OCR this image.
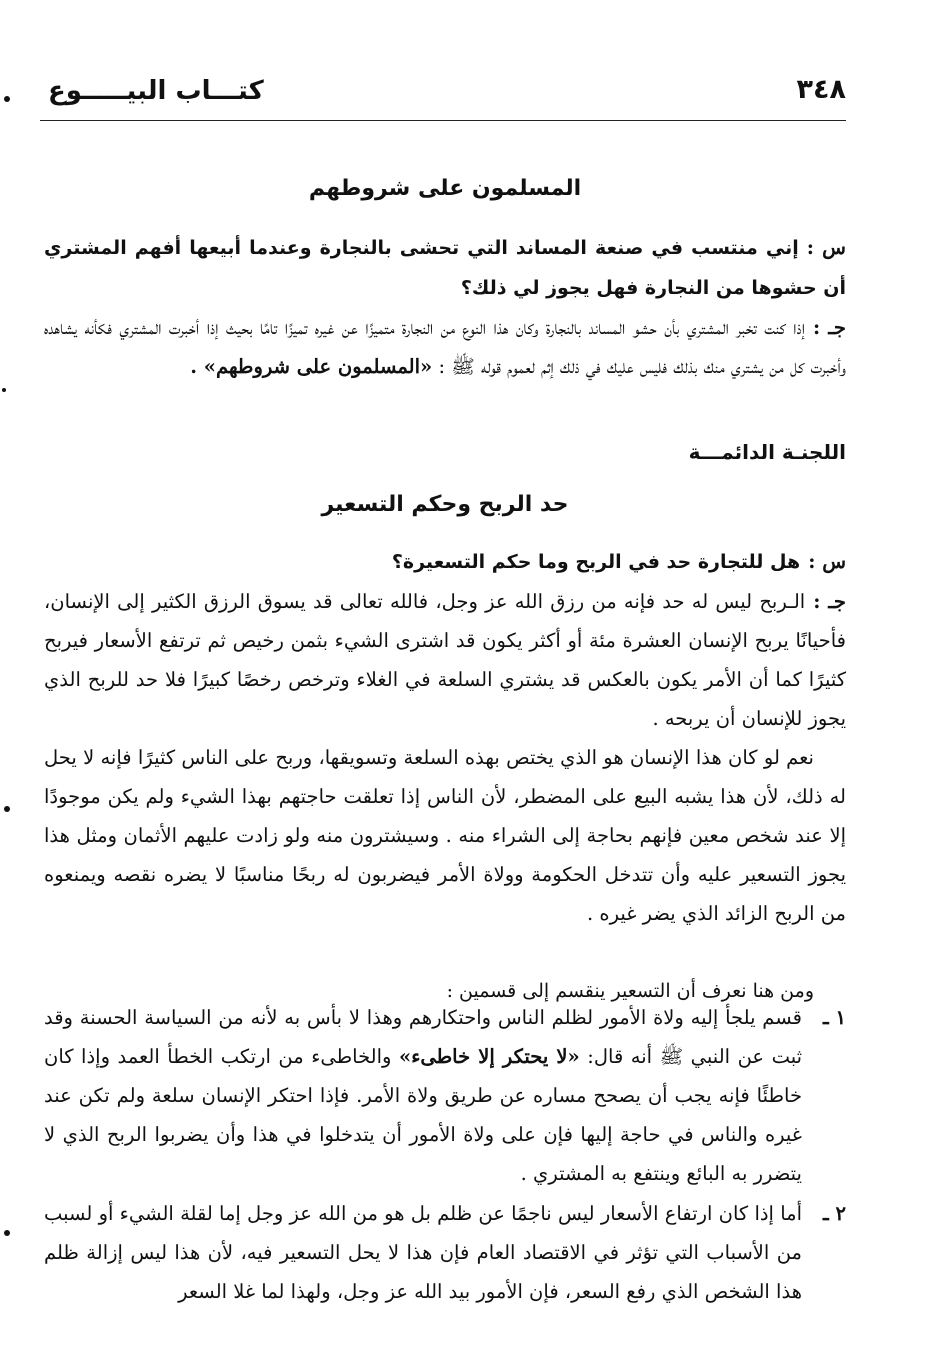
٣٤٨
كتـــاب البيـــــوع
المسلمون على شروطهم
س :إني منتسب في صنعة المساند التي تحشى بالنجارة وعندما أبيعها أفهم المشتري أن حشوها من النجارة فهل يجوز لي ذلك؟
جـ :إذا كنت تخبر المشتري بأن حشو المساند بالنجارة وكان هذا النوع من النجارة متميزًا عن غيره تميزًا تامًا بحيث إذا أخبرت المشتري فكأنه يشاهده وأخبرت كل من يشتري منك بذلك فليس عليك في ذلك إثم لعموم قوله ﷺ : «المسلمون على شروطهم» .
اللجنـة الدائمـــة
حد الربح وحكم التسعير
س :هل للتجارة حد في الربح وما حكم التسعيرة؟
جـ :الـربح ليس له حد فإنه من رزق الله عز وجل، فالله تعالى قد يسوق الرزق الكثير إلى الإنسان، فأحيانًا يربح الإنسان العشرة مئة أو أكثر يكون قد اشترى الشيء بثمن رخيص ثم ترتفع الأسعار فيربح كثيرًا كما أن الأمر يكون بالعكس قد يشتري السلعة في الغلاء وترخص رخصًا كبيرًا فلا حد للربح الذي يجوز للإنسان أن يربحه .
نعم لو كان هذا الإنسان هو الذي يختص بهذه السلعة وتسويقها، وربح على الناس كثيرًا فإنه لا يحل له ذلك، لأن هذا يشبه البيع على المضطر، لأن الناس إذا تعلقت حاجتهم بهذا الشيء ولم يكن موجودًا إلا عند شخص معين فإنهم بحاجة إلى الشراء منه . وسيشترون منه ولو زادت عليهم الأثمان ومثل هذا يجوز التسعير عليه وأن تتدخل الحكومة وولاة الأمر فيضربون له ربحًا مناسبًا لا يضره نقصه ويمنعوه من الربح الزائد الذي يضر غيره .
ومن هنا نعرف أن التسعير ينقسم إلى قسمين :
١ ـ
قسم يلجأ إليه ولاة الأمور لظلم الناس واحتكارهم وهذا لا بأس به لأنه من السياسة الحسنة وقد ثبت عن النبي ﷺ أنه قال: «لا يحتكر إلا خاطىء» والخاطىء من ارتكب الخطأ العمد وإذا كان خاطئًا فإنه يجب أن يصحح مساره عن طريق ولاة الأمر. فإذا احتكر الإنسان سلعة ولم تكن عند غيره والناس في حاجة إليها فإن على ولاة الأمور أن يتدخلوا في هذا وأن يضربوا الربح الذي لا يتضرر به البائع وينتفع به المشتري .
٢ ـ
أما إذا كان ارتفاع الأسعار ليس ناجمًا عن ظلم بل هو من الله عز وجل إما لقلة الشيء أو لسبب من الأسباب التي تؤثر في الاقتصاد العام فإن هذا لا يحل التسعير فيه، لأن هذا ليس إزالة ظلم هذا الشخص الذي رفع السعر، فإن الأمور بيد الله عز وجل، ولهذا لما غلا السعر
